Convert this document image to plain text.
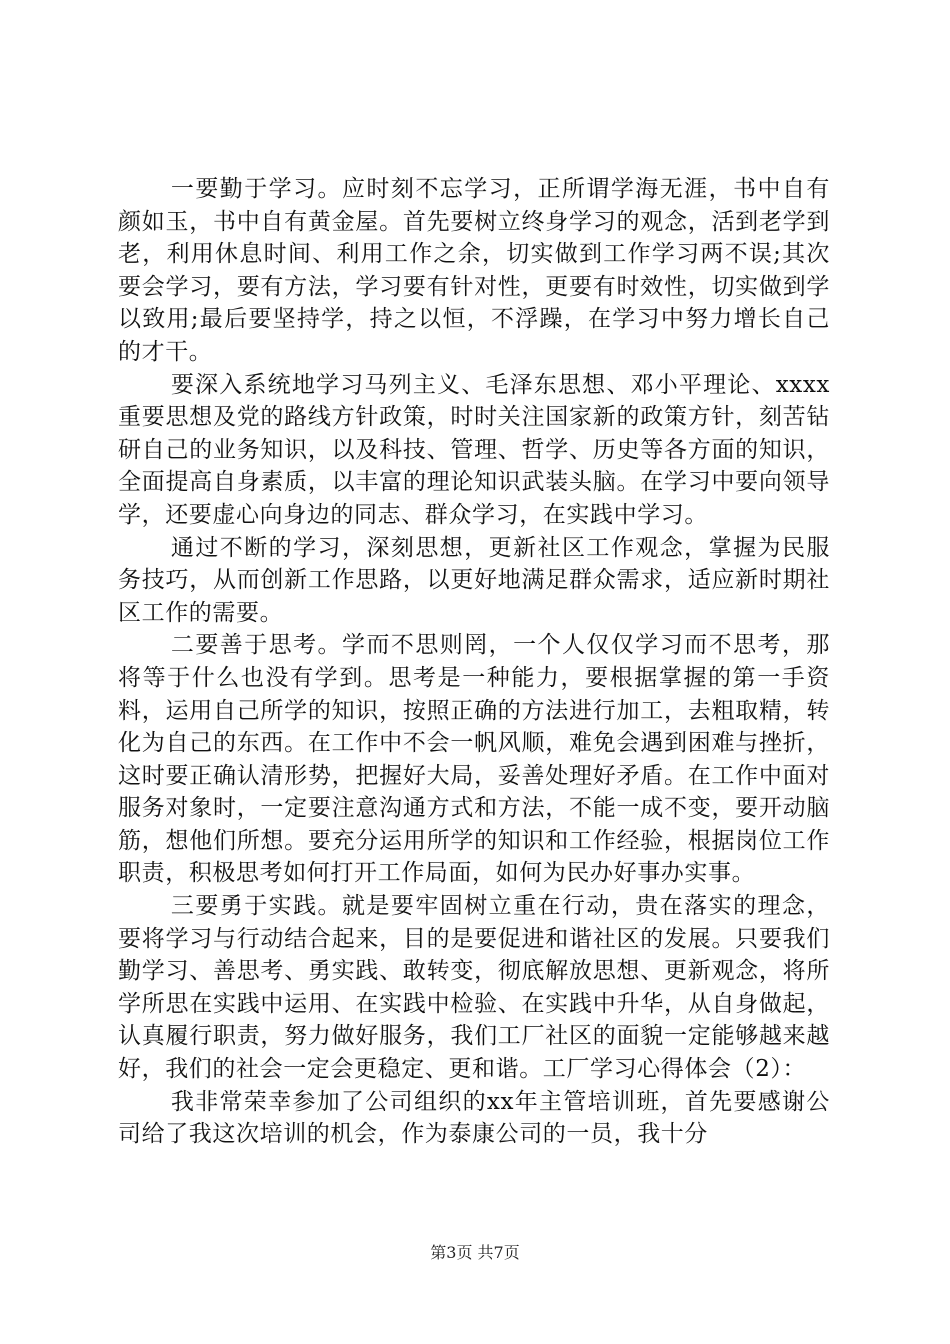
一要勤于学习。应时刻不忘学习，正所谓学海无涯，书中自有颜如玉，书中自有黄金屋。首先要树立终身学习的观念，活到老学到老，利用休息时间、利用工作之余，切实做到工作学习两不误;其次要会学习，要有方法，学习要有针对性，更要有时效性，切实做到学以致用;最后要坚持学，持之以恒，不浮躁，在学习中努力增长自己的才干。

要深入系统地学习马列主义、毛泽东思想、邓小平理论、xxxx重要思想及党的路线方针政策，时时关注国家新的政策方针，刻苦钻研自己的业务知识，以及科技、管理、哲学、历史等各方面的知识，全面提高自身素质，以丰富的理论知识武装头脑。在学习中要向领导学，还要虚心向身边的同志、群众学习，在实践中学习。

通过不断的学习，深刻思想，更新社区工作观念，掌握为民服务技巧，从而创新工作思路，以更好地满足群众需求，适应新时期社区工作的需要。

二要善于思考。学而不思则罔，一个人仅仅学习而不思考，那将等于什么也没有学到。思考是一种能力，要根据掌握的第一手资料，运用自己所学的知识，按照正确的方法进行加工，去粗取精，转化为自己的东西。在工作中不会一帆风顺，难免会遇到困难与挫折，这时要正确认清形势，把握好大局，妥善处理好矛盾。在工作中面对服务对象时，一定要注意沟通方式和方法，不能一成不变，要开动脑筋，想他们所想。要充分运用所学的知识和工作经验，根据岗位工作职责，积极思考如何打开工作局面，如何为民办好事办实事。

三要勇于实践。就是要牢固树立重在行动，贵在落实的理念，要将学习与行动结合起来，目的是要促进和谐社区的发展。只要我们勤学习、善思考、勇实践、敢转变，彻底解放思想、更新观念，将所学所思在实践中运用、在实践中检验、在实践中升华，从自身做起，认真履行职责，努力做好服务，我们工厂社区的面貌一定能够越来越好，我们的社会一定会更稳定、更和谐。工厂学习心得体会（2）：

我非常荣幸参加了公司组织的xx年主管培训班，首先要感谢公司给了我这次培训的机会，作为泰康公司的一员，我十分

第3页 共7页
